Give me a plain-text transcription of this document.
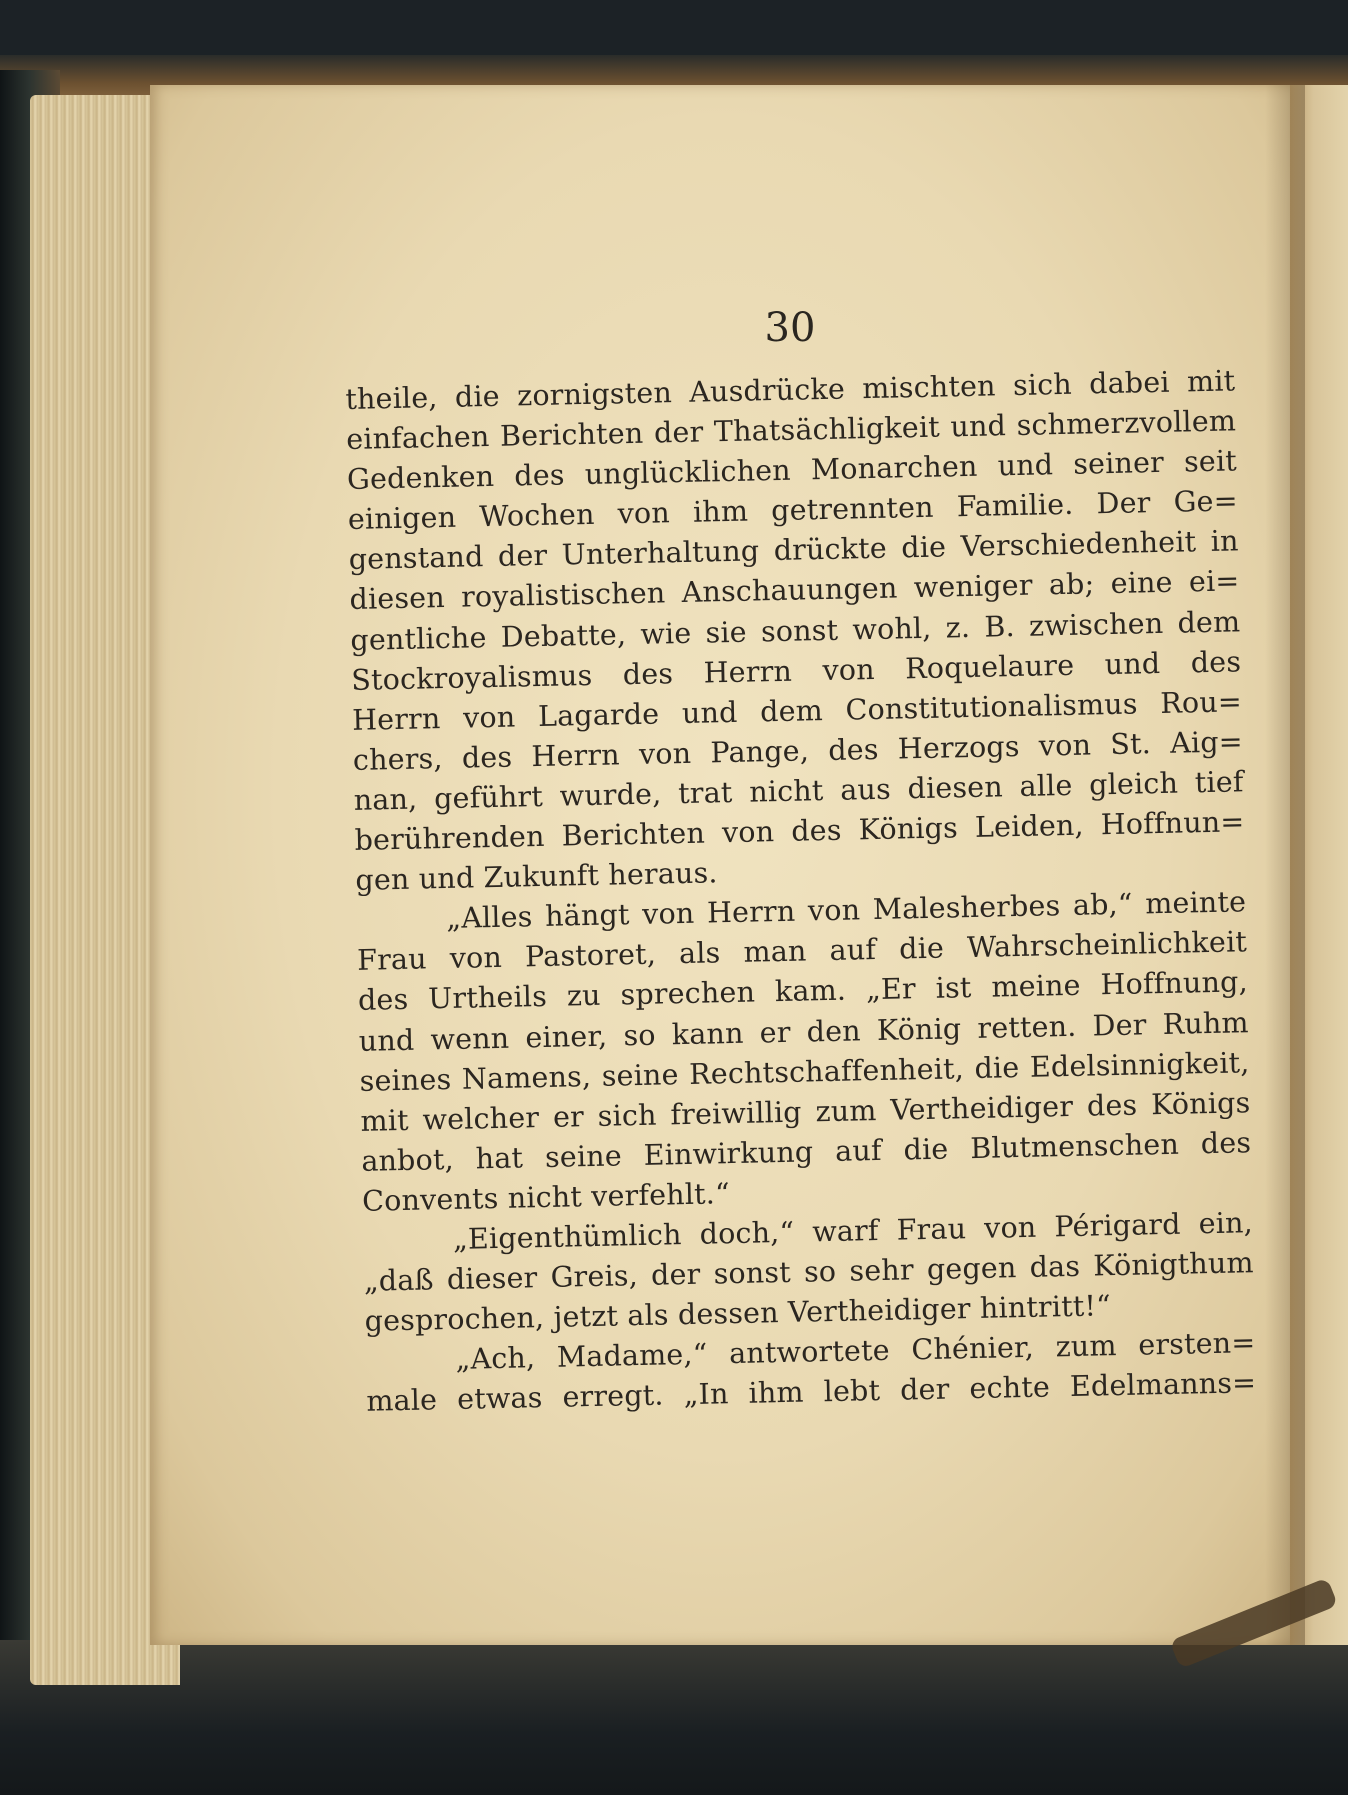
30
theile, die zornigsten Ausdrücke mischten sich dabei mit
einfachen Berichten der Thatsächligkeit und schmerzvollem
Gedenken des unglücklichen Monarchen und seiner seit
einigen Wochen von ihm getrennten Familie. Der Ge=
genstand der Unterhaltung drückte die Verschiedenheit in
diesen royalistischen Anschauungen weniger ab; eine ei=
gentliche Debatte, wie sie sonst wohl, z. B. zwischen dem
Stockroyalismus des Herrn von Roquelaure und des
Herrn von Lagarde und dem Constitutionalismus Rou=
chers, des Herrn von Pange, des Herzogs von St. Aig=
nan, geführt wurde, trat nicht aus diesen alle gleich tief
berührenden Berichten von des Königs Leiden, Hoffnun=
gen und Zukunft heraus.
„Alles hängt von Herrn von Malesherbes ab,“ meinte
Frau von Pastoret, als man auf die Wahrscheinlichkeit
des Urtheils zu sprechen kam. „Er ist meine Hoffnung,
und wenn einer, so kann er den König retten. Der Ruhm
seines Namens, seine Rechtschaffenheit, die Edelsinnigkeit,
mit welcher er sich freiwillig zum Vertheidiger des Königs
anbot, hat seine Einwirkung auf die Blutmenschen des
Convents nicht verfehlt.“
„Eigenthümlich doch,“ warf Frau von Périgard ein,
„daß dieser Greis, der sonst so sehr gegen das Königthum
gesprochen, jetzt als dessen Vertheidiger hintritt!“
„Ach, Madame,“ antwortete Chénier, zum ersten=
male etwas erregt. „In ihm lebt der echte Edelmanns=
